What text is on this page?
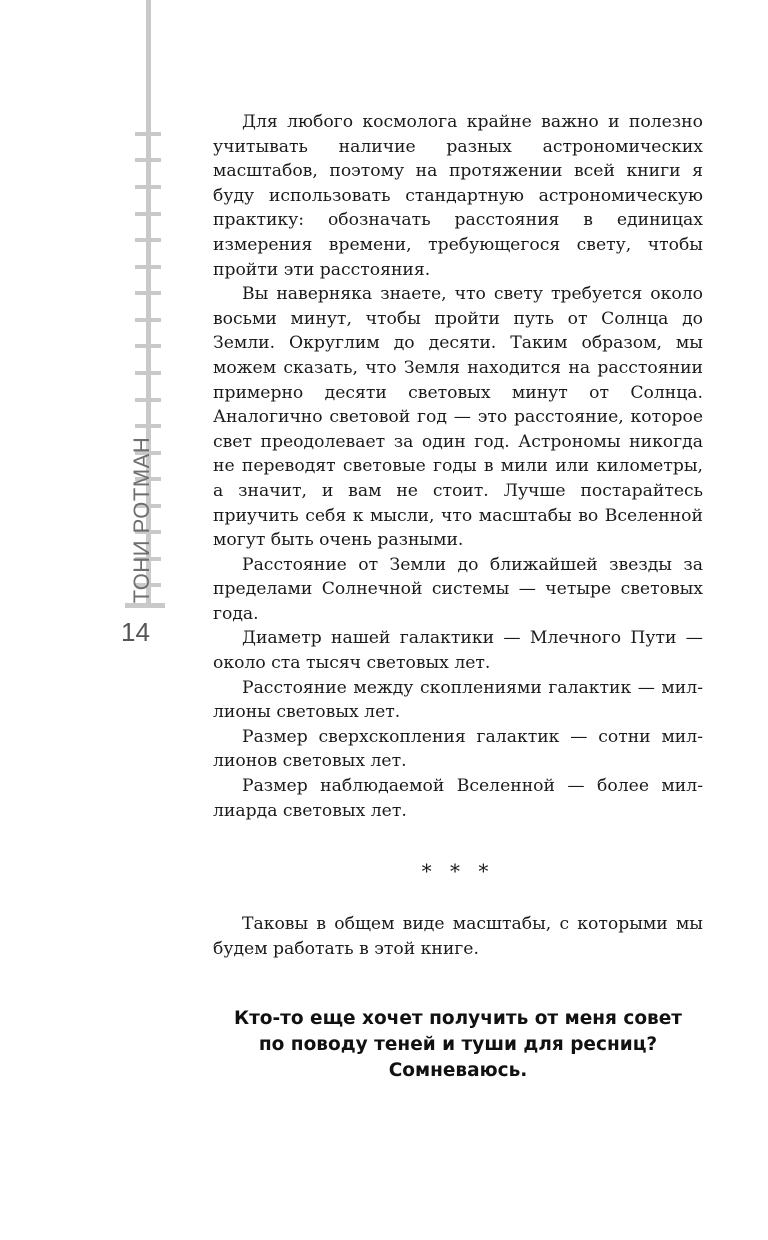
ТОНИ РОТМАН
14

Для любого космолога крайне важно и полезно учитывать наличие разных астрономических масштабов, поэтому на протяжении всей книги я буду использовать стандартную астрономическую практику: обозначать расстояния в единицах измерения времени, требующегося свету, чтобы пройти эти расстояния.

Вы наверняка знаете, что свету требуется около восьми минут, чтобы пройти путь от Солнца до Земли. Округлим до десяти. Таким образом, мы можем сказать, что Земля находится на расстоянии примерно десяти световых минут от Солнца. Аналогично световой год — это расстояние, которое свет преодолевает за один год. Астрономы никогда не переводят световые годы в мили или километры, а значит, и вам не стоит. Лучше постарайтесь приучить себя к мысли, что масштабы во Вселенной могут быть очень разными.

Расстояние от Земли до ближайшей звезды за пределами Солнечной системы — четыре световых года.

Диаметр нашей галактики — Млечного Пути — около ста тысяч световых лет.

Расстояние между скоплениями галактик — миллионы световых лет.

Размер сверхскопления галактик — сотни миллионов световых лет.

Размер наблюдаемой Вселенной — более миллиарда световых лет.

* * *

Таковы в общем виде масштабы, с которыми мы будем работать в этой книге.

Кто-то еще хочет получить от меня совет
по поводу теней и туши для ресниц?
Сомневаюсь.
